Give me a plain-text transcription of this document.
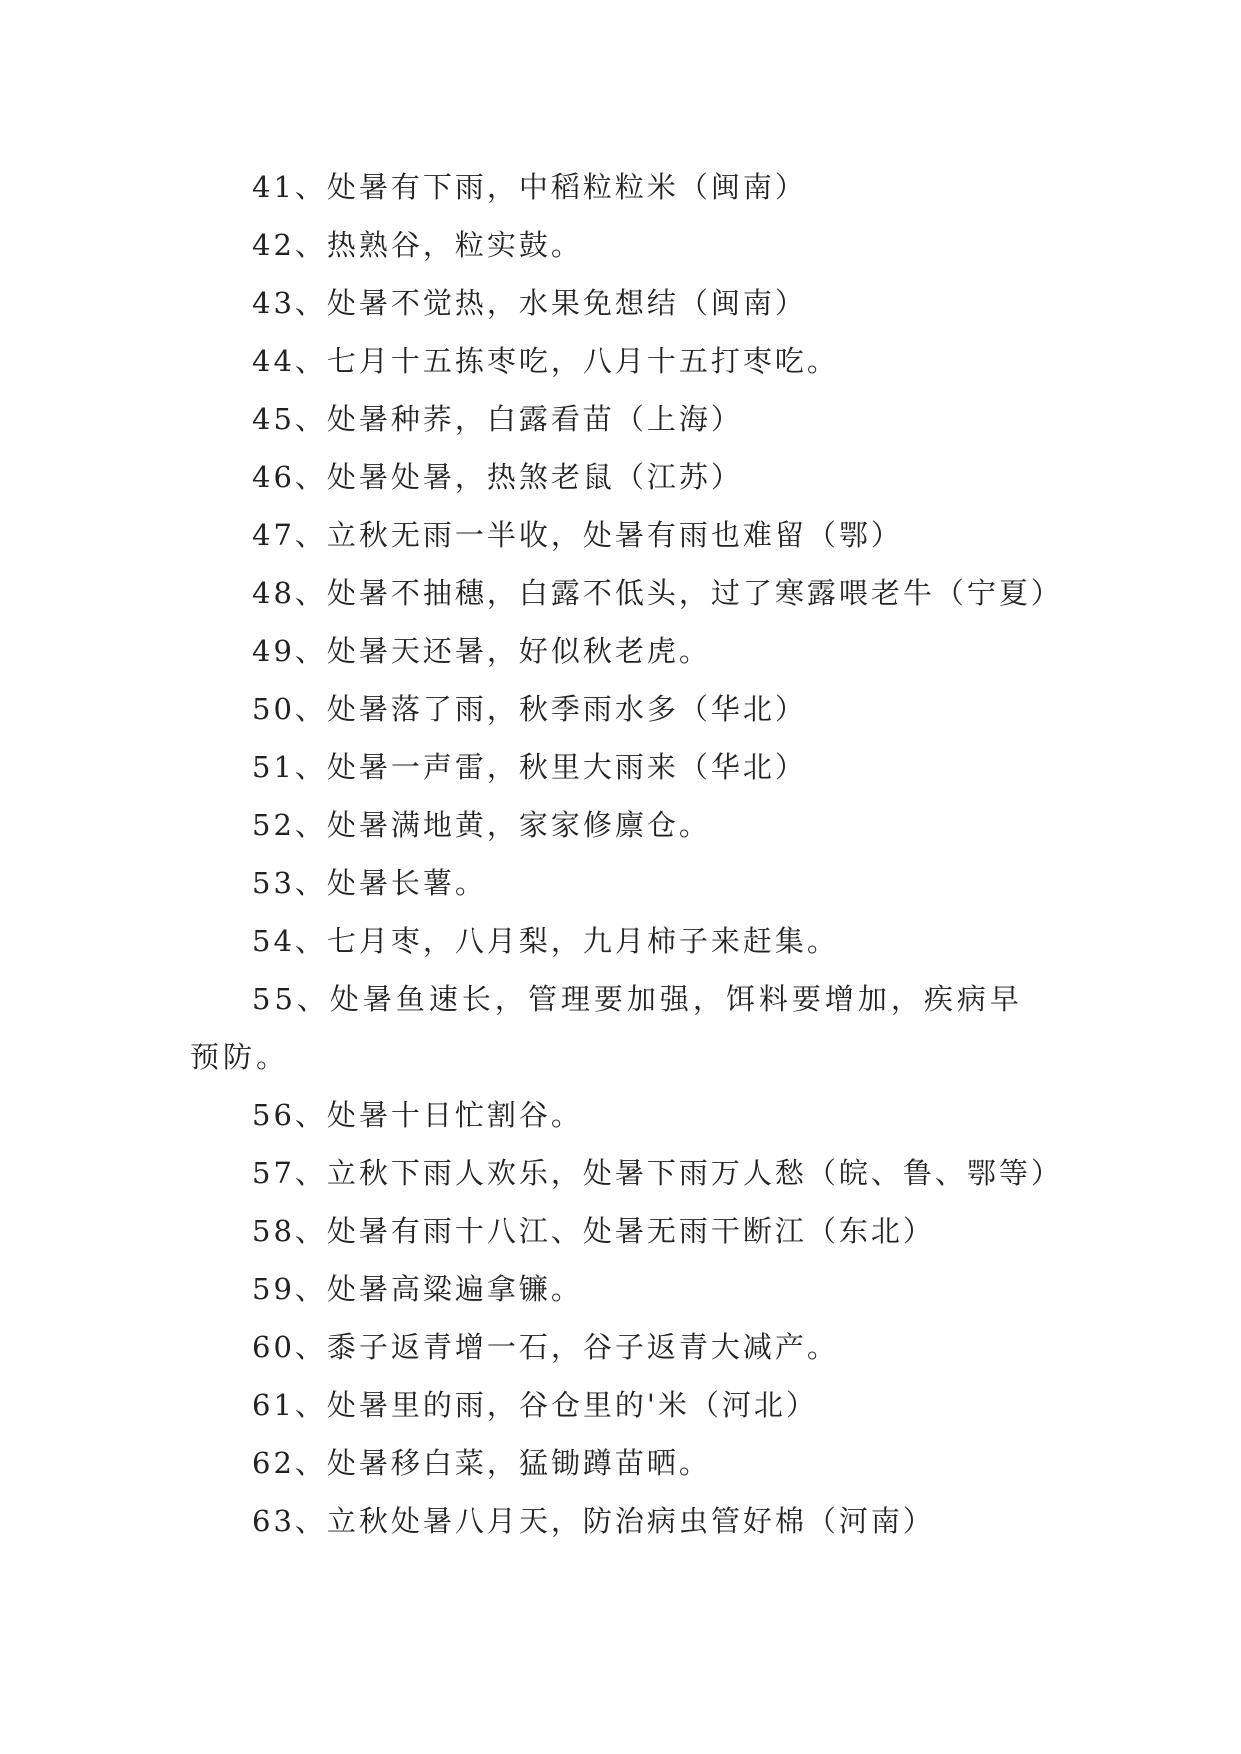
41、处暑有下雨，中稻粒粒米（闽南）
42、热熟谷，粒实鼓。
43、处暑不觉热，水果免想结（闽南）
44、七月十五拣枣吃，八月十五打枣吃。
45、处暑种荞，白露看苗（上海）
46、处暑处暑，热煞老鼠（江苏）
47、立秋无雨一半收，处暑有雨也难留（鄂）
48、处暑不抽穗，白露不低头，过了寒露喂老牛（宁夏）
49、处暑天还暑，好似秋老虎。
50、处暑落了雨，秋季雨水多（华北）
51、处暑一声雷，秋里大雨来（华北）
52、处暑满地黄，家家修廪仓。
53、处暑长薯。
54、七月枣，八月梨，九月柿子来赶集。
55、处暑鱼速长，管理要加强，饵料要增加，疾病早预防。
56、处暑十日忙割谷。
57、立秋下雨人欢乐，处暑下雨万人愁（皖、鲁、鄂等）
58、处暑有雨十八江、处暑无雨干断江（东北）
59、处暑高粱遍拿镰。
60、黍子返青增一石，谷子返青大减产。
61、处暑里的雨，谷仓里的'米（河北）
62、处暑移白菜，猛锄蹲苗晒。
63、立秋处暑八月天，防治病虫管好棉（河南）
